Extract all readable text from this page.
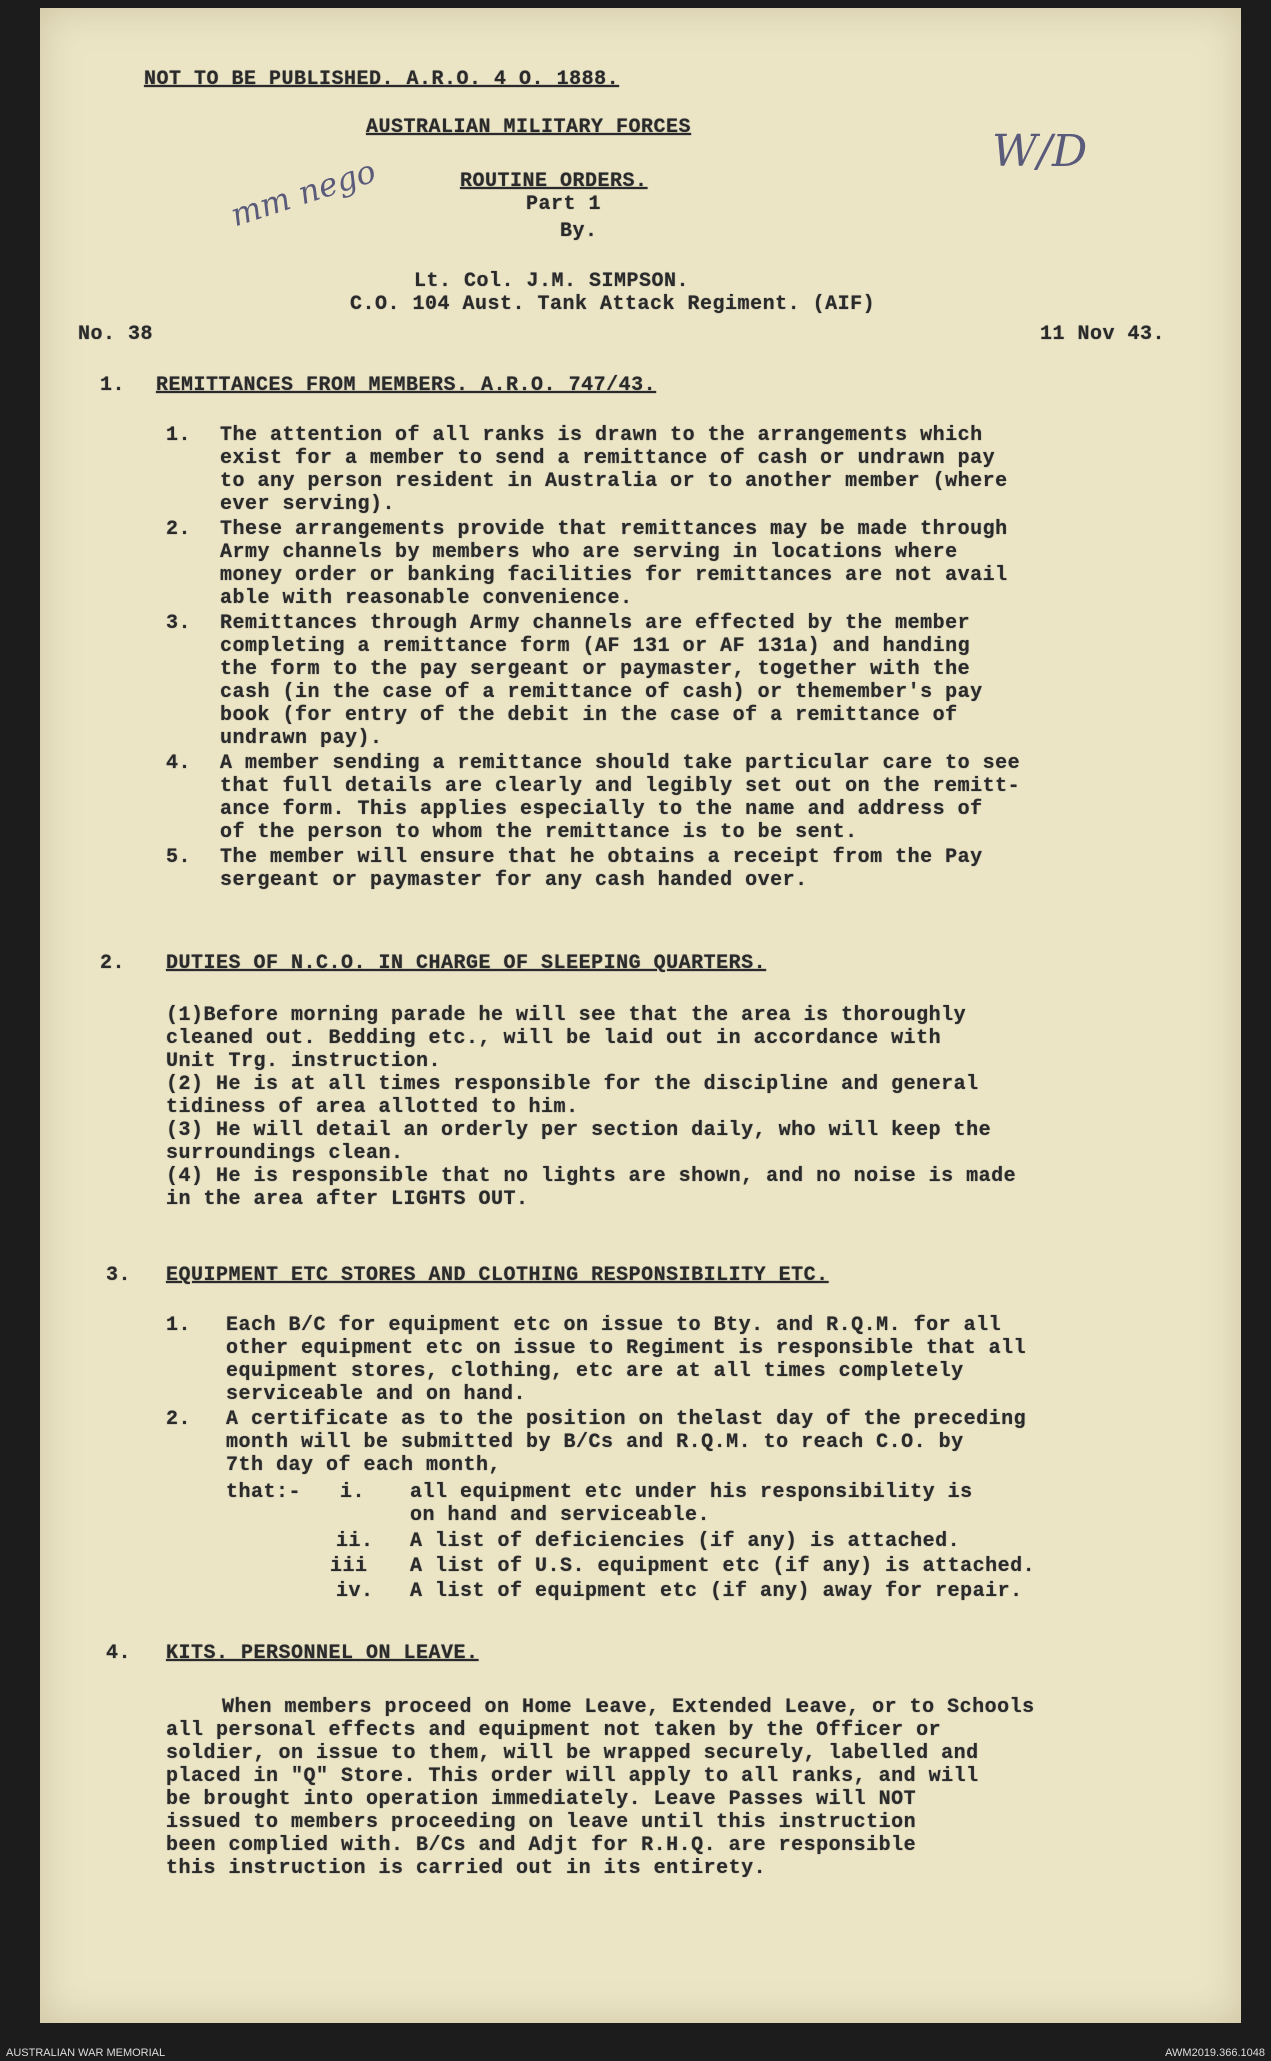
NOT TO BE PUBLISHED. A.R.O. 4 O. 1888.
AUSTRALIAN MILITARY FORCES
ROUTINE ORDERS.
Part 1
By.
Lt. Col. J.M. SIMPSON.
C.O. 104 Aust. Tank Attack Regiment. (AIF)
No. 38	11 Nov 43.
W/D
mm nego
1. REMITTANCES FROM MEMBERS. A.R.O. 747/43.
1. The attention of all ranks is drawn to the arrangements which
exist for a member to send a remittance of cash or undrawn pay
to any person resident in Australia or to another member (where
ever serving).
2. These arrangements provide that remittances may be made through
Army channels by members who are serving in locations where
money order or banking facilities for remittances are not avail
able with reasonable convenience.
3. Remittances through Army channels are effected by the member
completing a remittance form (AF 131 or AF 131a) and handing
the form to the pay sergeant or paymaster, together with the
cash (in the case of a remittance of cash) or themember's pay
book (for entry of the debit in the case of a remittance of
undrawn pay).
4. A member sending a remittance should take particular care to see
that full details are clearly and legibly set out on the remitt-
ance form. This applies especially to the name and address of
of the person to whom the remittance is to be sent.
5. The member will ensure that he obtains a receipt from the Pay
sergeant or paymaster for any cash handed over.
2. DUTIES OF N.C.O. IN CHARGE OF SLEEPING QUARTERS.
(1)Before morning parade he will see that the area is thoroughly
cleaned out. Bedding etc., will be laid out in accordance with
Unit Trg. instruction.
(2) He is at all times responsible for the discipline and general
tidiness of area allotted to him.
(3) He will detail an orderly per section daily, who will keep the
surroundings clean.
(4) He is responsible that no lights are shown, and no noise is made
in the area after LIGHTS OUT.
3. EQUIPMENT ETC STORES AND CLOTHING RESPONSIBILITY ETC.
1. Each B/C for equipment etc on issue to Bty. and R.Q.M. for all
other equipment etc on issue to Regiment is responsible that all
equipment stores, clothing, etc are at all times completely
serviceable and on hand.
2. A certificate as to the position on thelast day of the preceding
month will be submitted by B/Cs and R.Q.M. to reach C.O. by
7th day of each month,
that:- i. all equipment etc under his responsibility is
on hand and serviceable.
ii. A list of deficiencies (if any) is attached.
iii A list of U.S. equipment etc (if any) is attached.
iv. A list of equipment etc (if any) away for repair.
4. KITS. PERSONNEL ON LEAVE.
When members proceed on Home Leave, Extended Leave, or to Schools
all personal effects and equipment not taken by the Officer or
soldier, on issue to them, will be wrapped securely, labelled and
placed in "Q" Store. This order will apply to all ranks, and will
be brought into operation immediately. Leave Passes will NOT
issued to members proceeding on leave until this instruction
been complied with. B/Cs and Adjt for R.H.Q. are responsible
this instruction is carried out in its entirety.
AUSTRALIAN WAR MEMORIAL	AWM2019.366.1048
